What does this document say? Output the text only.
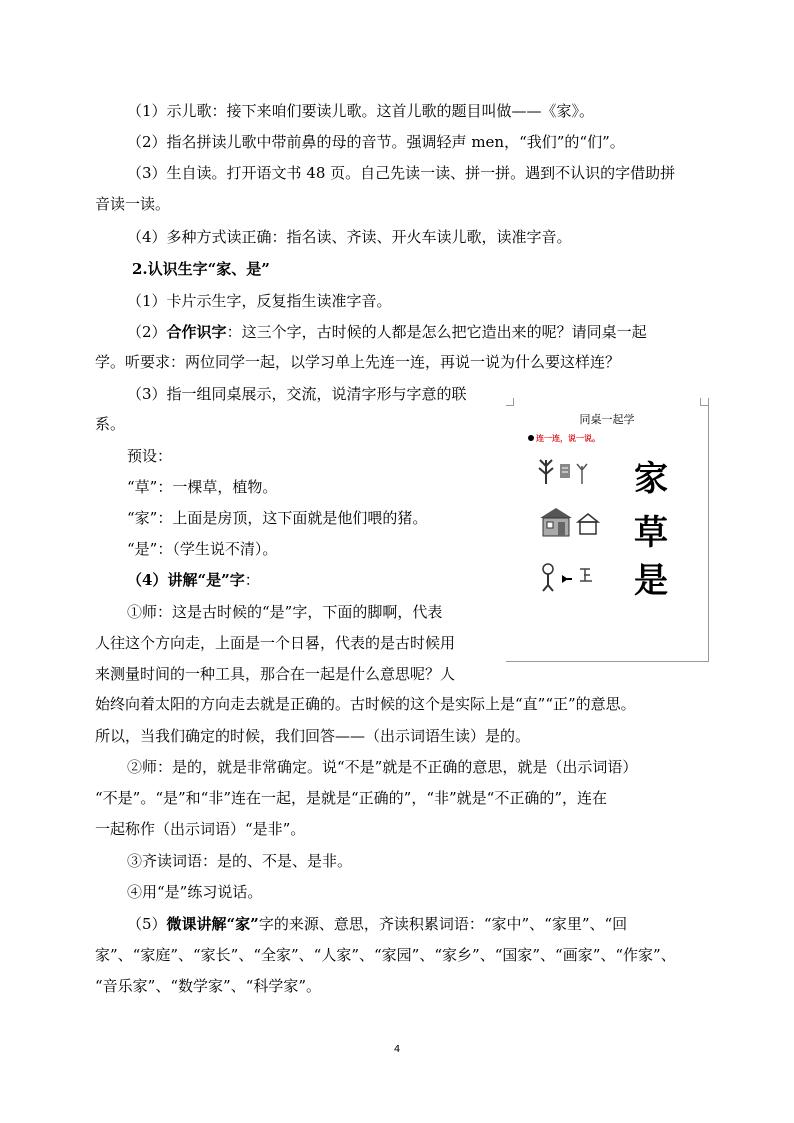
（1）示儿歌：接下来咱们要读儿歌。这首儿歌的题目叫做——《家》。
（2）指名拼读儿歌中带前鼻的母的音节。强调轻声 men，“我们”的“们”。
（3）生自读。打开语文书 48 页。自己先读一读、拼一拼。遇到不认识的字借助拼
音读一读。
（4）多种方式读正确：指名读、齐读、开火车读儿歌，读准字音。
2.认识生字“家、是”
（1）卡片示生字，反复指生读准字音。
（2）合作识字：这三个字，古时候的人都是怎么把它造出来的呢？请同桌一起
学。听要求：两位同学一起，以学习单上先连一连，再说一说为什么要这样连？
（3）指一组同桌展示，交流，说清字形与字意的联
系。
预设：
“草”：一棵草，植物。
“家”：上面是房顶，这下面就是他们喂的猪。
“是”：（学生说不清）。
（4）讲解“是”字：
①师：这是古时候的“是”字，下面的脚啊，代表
人往这个方向走，上面是一个日晷，代表的是古时候用
来测量时间的一种工具，那合在一起是什么意思呢？人
始终向着太阳的方向走去就是正确的。古时候的这个是实际上是“直”“正”的意思。
所以，当我们确定的时候，我们回答——（出示词语生读）是的。
②师：是的，就是非常确定。说“不是”就是不正确的意思，就是（出示词语）
“不是”。“是”和“非”连在一起，是就是“正确的”，“非”就是“不正确的”，连在
一起称作（出示词语）“是非”。
③齐读词语：是的、不是、是非。
④用“是”练习说话。
（5）微课讲解“家”字的来源、意思，齐读积累词语：“家中”、“家里”、“回
家”、“家庭”、“家长”、“全家”、“人家”、“家园”、“家乡”、“国家”、“画家”、“作家”、
“音乐家”、“数学家”、“科学家”。
同桌一起学
连一连，说一说。
家
草
是
4
